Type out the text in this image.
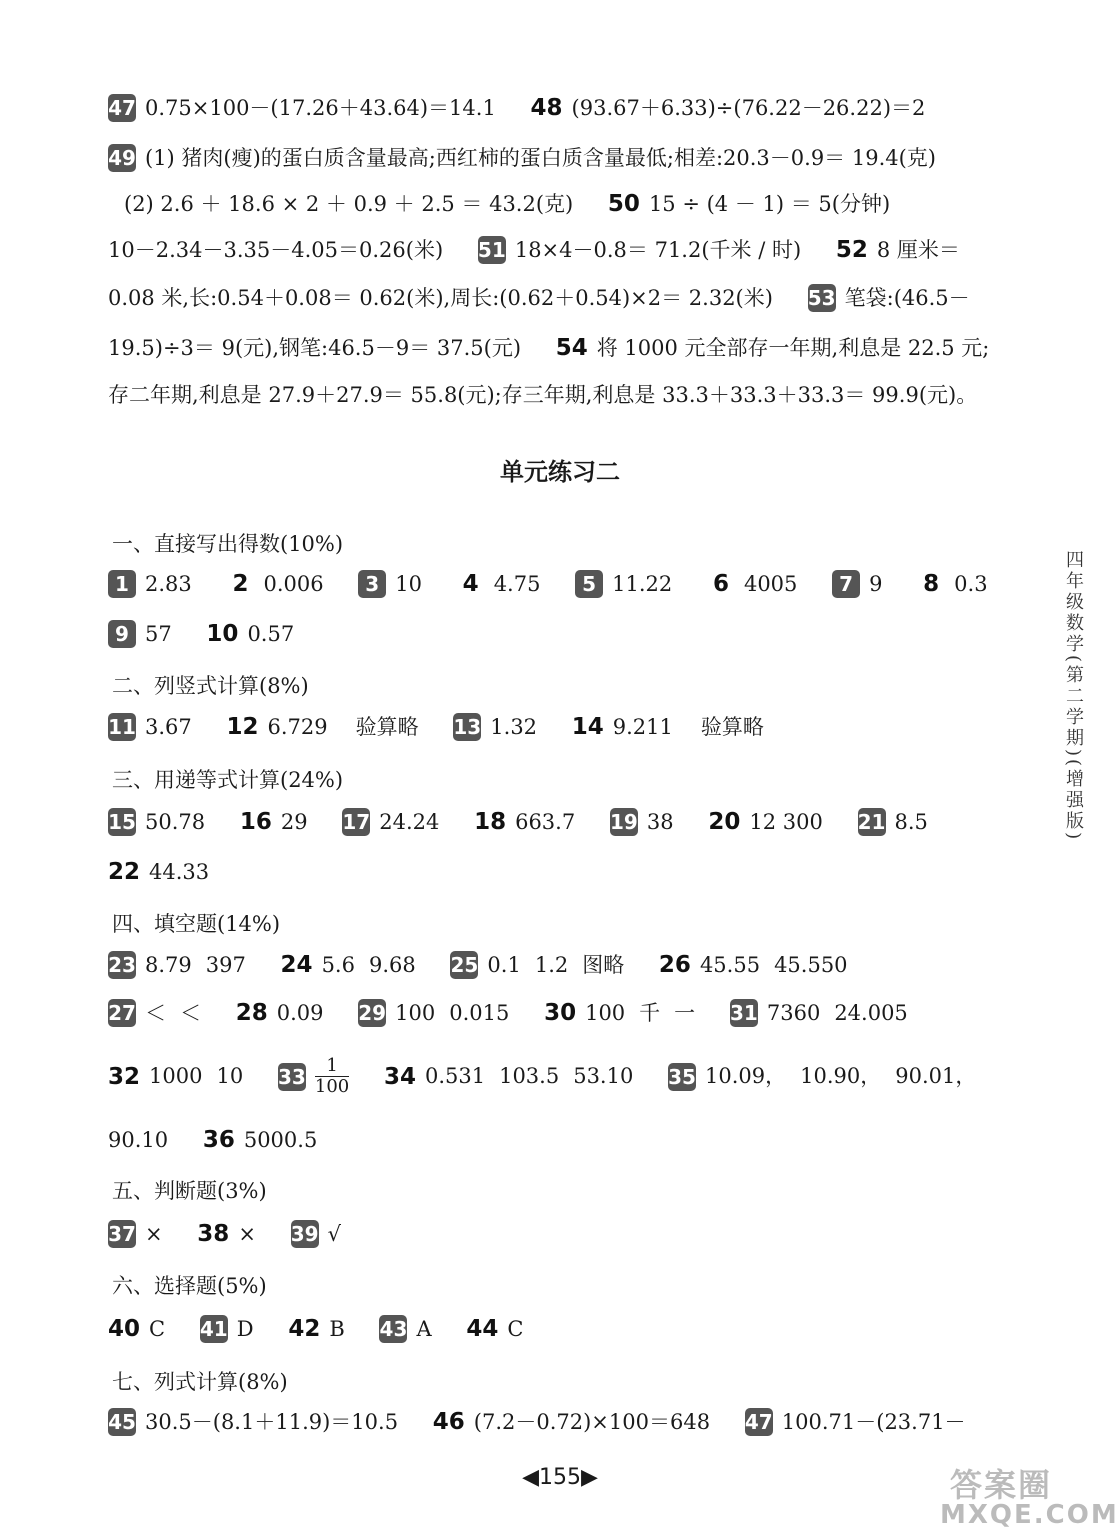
47 0.75×100－(17.26＋43.64)＝14.1 48 (93.67＋6.33)÷(76.22－26.22)＝2
49 (1) 猪肉(瘦)的蛋白质含量最高;西红柿的蛋白质含量最低;相差:20.3－0.9＝ 19.4(克)
(2) 2.6 ＋ 18.6 × 2 ＋ 0.9 ＋ 2.5 ＝ 43.2(克) 50 15 ÷ (4 － 1) ＝ 5(分钟)
10－2.34－3.35－4.05＝0.26(米) 51 18×4－0.8＝ 71.2(千米 / 时) 52 8 厘米＝
0.08 米,长:0.54＋0.08＝ 0.62(米),周长:(0.62＋0.54)×2＝ 2.32(米) 53 笔袋:(46.5－
19.5)÷3＝ 9(元),钢笔:46.5－9＝ 37.5(元) 54 将 1000 元全部存一年期,利息是 22.5 元;
存二年期,利息是 27.9＋27.9＝ 55.8(元);存三年期,利息是 33.3＋33.3＋33.3＝ 99.9(元)。
单元练习二
四年级数学(第二学期)(增强版)
一、直接写出得数(10%)
1 2.83 2 0.006 3 10 4 4.75 5 11.22 6 4005 7 9 8 0.3
9 57 10 0.57
二、列竖式计算(8%)
11 3.67 12 6.729 验算略 13 1.32 14 9.211 验算略
三、用递等式计算(24%)
15 50.78 16 29 17 24.24 18 663.7 19 38 20 12 300 21 8.5
22 44.33
四、填空题(14%)
23 8.79 397 24 5.6 9.68 25 0.1 1.2 图略 26 45.55 45.550
27 ＜ ＜ 28 0.09 29 100 0.015 30 100 千 一 31 7360 24.005
32 1000 10 $33 \frac{1}{100} 34$ 0.531 103.5 53.10 35 10.09， 10.90， 90.01，
90.10 36 5000.5
五、判断题(3%)
37 × 38 × 39 √
六、选择题(5%)
40 C 41 D 42 B 43 A 44 C
七、列式计算(8%)
45 30.5－(8.1＋11.9)＝10.5 46 (7.2－0.72)×100＝648 47 100.71－(23.71－
◀155▶	答案圈
MXQE.COM
